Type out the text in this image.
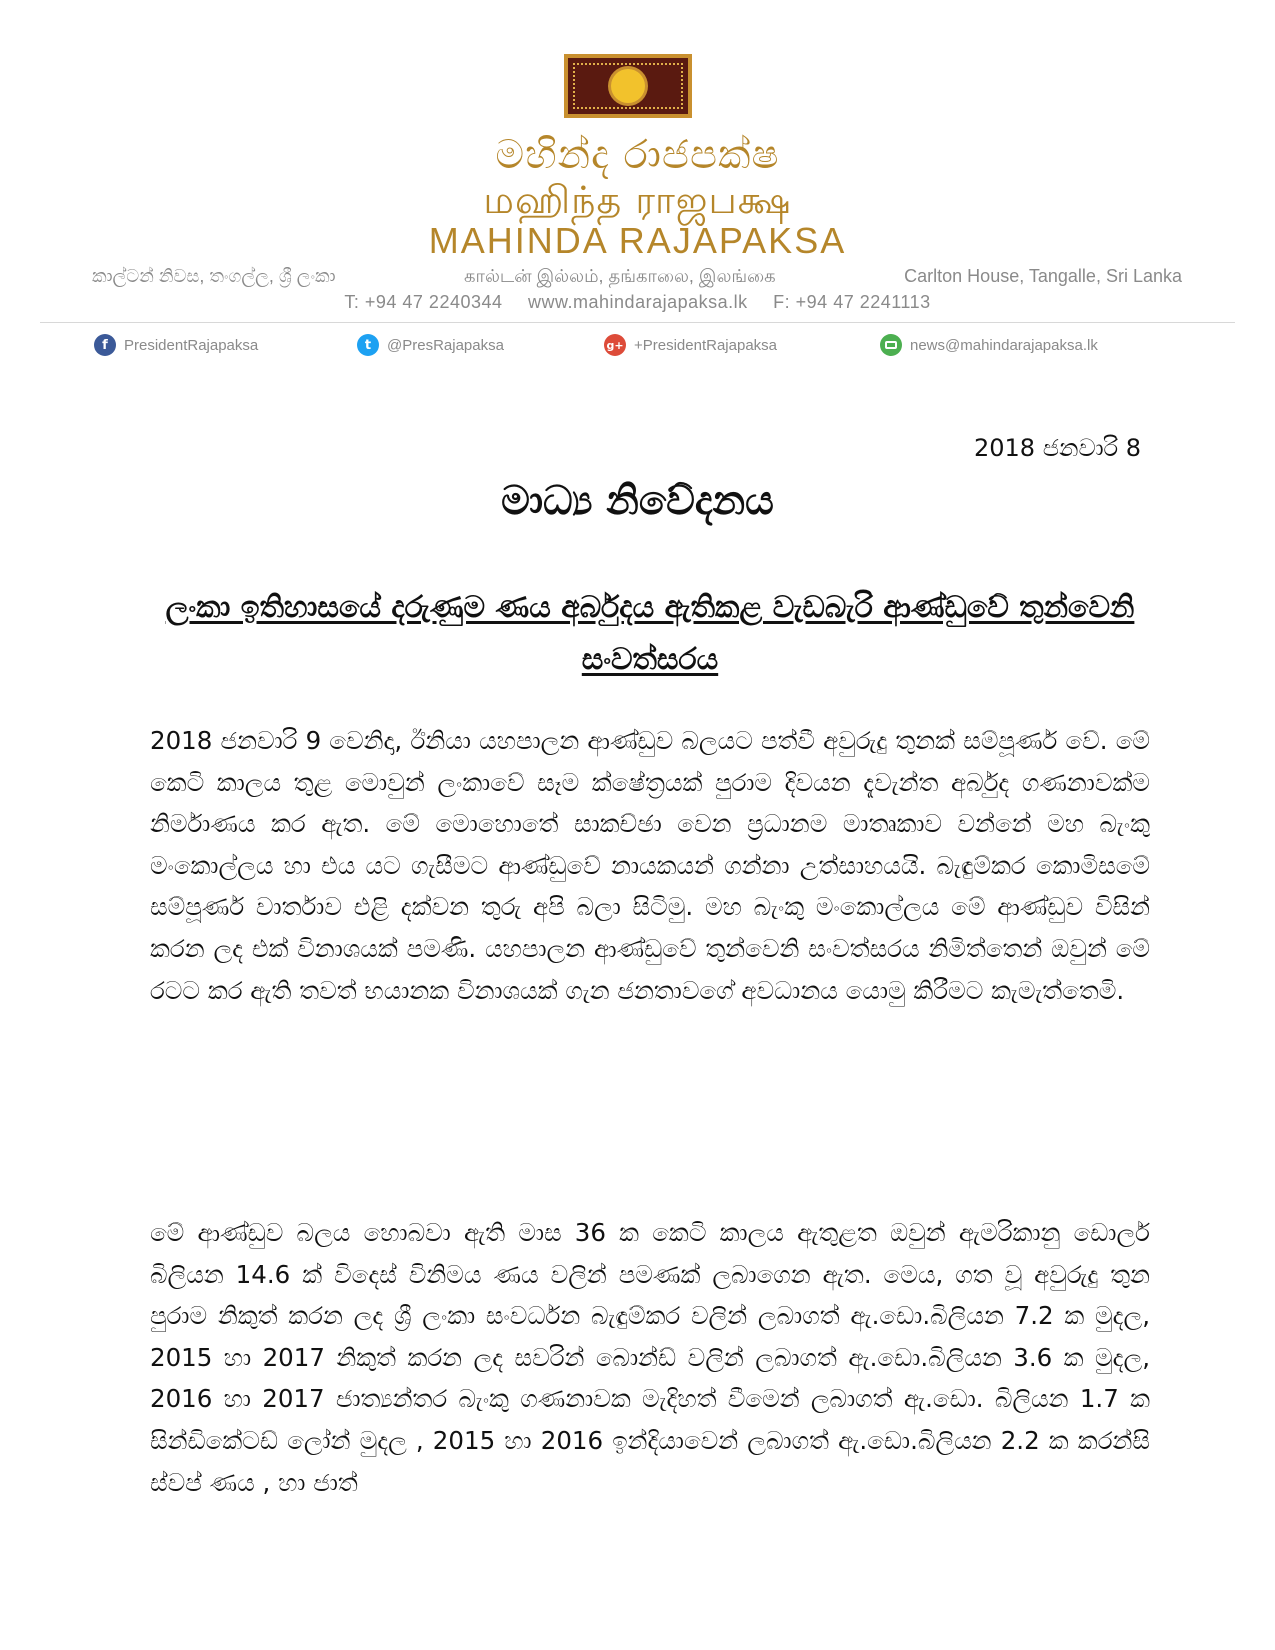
මහින්ද රාජපක්ෂ
மஹிந்த ராஜபக்ஷ
MAHINDA RAJAPAKSA
කාල්ටන් නිවස, තංගල්ල, ශ්‍රී ලංකා	கால்டன் இல்லம், தங்காலை, இலங்கை	Carlton House, Tangalle, Sri Lanka
T: +94 47 2240344 www.mahindarajapaksa.lk F: +94 47 2241113
f	PresidentRajapaksa	t	@PresRajapaksa	g+ +PresidentRajapaksa	news@mahindarajapaksa.lk
2018 ජනවාරි 8
මාධ්‍ය නිවේදනය
ලංකා ඉතිහාසයේ දරුණුම ණය අර්බුදය ඇතිකළ වැඩබැරි ආණ්ඩුවේ තුන්වෙනි සංවත්සරය

2018 ජනවාරි 9 වෙනිදා, ඊනියා යහපාලන ආණ්ඩුව බලයට පත්වී අවුරුදු තුනක් සම්පූර්ණ වේ. මේ කෙටි කාලය තුළ මොවුන් ලංකාවේ සෑම ක්ෂේත්‍රයක් පුරාම දිවයන දැවැන්ත අර්බුද ගණනාවක්ම නිර්මාණය කර ඇත. මේ මොහොතේ සාකච්ඡා වෙන ප්‍රධානම මාතෘකාව වන්නේ මහ බැංකු මංකොල්ලය හා එය යට ගැසීමට ආණ්ඩුවේ නායකයන් ගන්නා උත්සාහයයි. බැඳුම්කර කොමිසමේ සම්පූර්ණ වාර්තාව එළි දක්වන තුරු අපි බලා සිටිමු. මහ බැංකු මංකොල්ලය මේ ආණ්ඩුව විසින් කරන ලද එක් විනාශයක් පමණි. යහපාලන ආණ්ඩුවේ තුන්වෙනි සංවත්සරය නිමිත්තෙන් ඔවුන් මේ රටට කර ඇති තවත් භයානක විනාශයක් ගැන ජනතාවගේ අවධානය යොමු කිරීමට කැමැත්තෙමි.

මේ ආණ්ඩුව බලය හොබවා ඇති මාස 36 ක කෙටි කාලය ඇතුළත ඔවුන් ඇමරිකානු ඩොලර් බිලියන 14.6 ක් විදෙස් විනිමය ණය වලින් පමණක් ලබාගෙන ඇත. මෙය, ගත වූ අවුරුදු තුන පුරාම නිකුත් කරන ලද ශ්‍රී ලංකා සංවර්ධන බැඳුම්කර වලින් ලබාගත් ඇ.ඩො.බිලියන 7.2 ක මුදල, 2015 හා 2017 නිකුත් කරන ලද සවරින් බොන්ඩ් වලින් ලබාගත් ඇ.ඩො.බිලියන 3.6 ක මුදල, 2016 හා 2017 ජාත්‍යන්තර බැංකු ගණනාවක මැදිහත් වීමෙන් ලබාගත් ඇ.ඩො. බිලියන 1.7 ක සින්ඩිකේටඩ් ලෝන් මුදල , 2015 හා 2016 ඉන්දියාවෙන් ලබාගත් ඇ.ඩො.බිලියන 2.2 ක කරන්සි ස්වප් ණය , හා ජාත්
